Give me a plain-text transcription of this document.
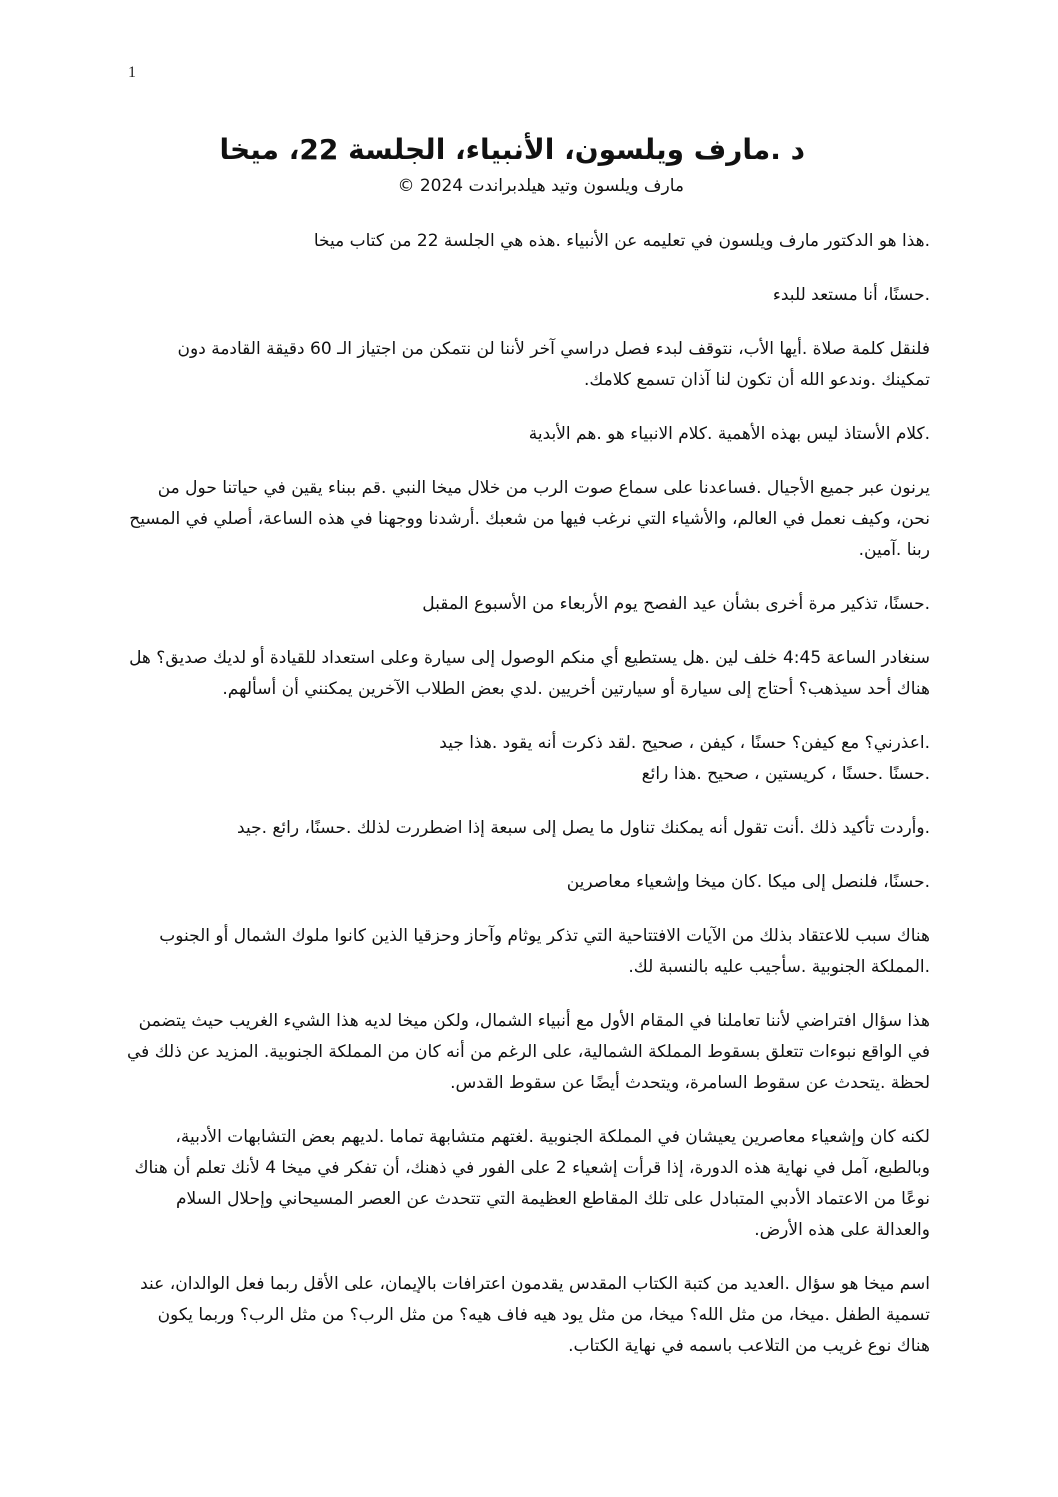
1
د .مارف ويلسون، الأنبياء، الجلسة 22، ميخا
مارف ويلسون وتيد هيلدبراندت 2024 ©

.هذا هو الدكتور مارف ويلسون في تعليمه عن الأنبياء .هذه هي الجلسة 22 من كتاب ميخا

.حسنًا، أنا مستعد للبدء

فلنقل كلمة صلاة .أيها الأب، نتوقف لبدء فصل دراسي آخر لأننا لن نتمكن من اجتياز الـ 60 دقيقة القادمة دون تمكينك .وندعو الله أن تكون لنا آذان تسمع كلامك.

.كلام الأستاذ ليس بهذه الأهمية .كلام الانبياء هو .هم الأبدية

يرنون عبر جميع الأجيال .فساعدنا على سماع صوت الرب من خلال ميخا النبي .قم ببناء يقين في حياتنا حول من نحن، وكيف نعمل في العالم، والأشياء التي نرغب فيها من شعبك .أرشدنا ووجهنا في هذه الساعة، أصلي في المسيح ربنا .آمين.

.حسنًا، تذكير مرة أخرى بشأن عيد الفصح يوم الأربعاء من الأسبوع المقبل

سنغادر الساعة 4:45 خلف لين .هل يستطيع أي منكم الوصول إلى سيارة وعلى استعداد للقيادة أو لديك صديق؟ هل هناك أحد سيذهب؟ أحتاج إلى سيارة أو سيارتين أخريين .لدي بعض الطلاب الآخرين يمكنني أن أسألهم.

.اعذرني؟ مع كيفن؟ حسنًا ، كيفن ، صحيح .لقد ذكرت أنه يقود .هذا جيد

.حسنًا .حسنًا ، كريستين ، صحيح .هذا رائع

.وأردت تأكيد ذلك .أنت تقول أنه يمكنك تناول ما يصل إلى سبعة إذا اضطررت لذلك .حسنًا، رائع .جيد

.حسنًا، فلنصل إلى ميكا .كان ميخا وإشعياء معاصرين

هناك سبب للاعتقاد بذلك من الآيات الافتتاحية التي تذكر يوثام وآحاز وحزقيا الذين كانوا ملوك الشمال أو الجنوب .المملكة الجنوبية .سأجيب عليه بالنسبة لك.

هذا سؤال افتراضي لأننا تعاملنا في المقام الأول مع أنبياء الشمال، ولكن ميخا لديه هذا الشيء الغريب حيث يتضمن في الواقع نبوءات تتعلق بسقوط المملكة الشمالية، على الرغم من أنه كان من المملكة الجنوبية. المزيد عن ذلك في لحظة .يتحدث عن سقوط السامرة، ويتحدث أيضًا عن سقوط القدس.

لكنه كان وإشعياء معاصرين يعيشان في المملكة الجنوبية .لغتهم متشابهة تماما .لديهم بعض التشابهات الأدبية، وبالطبع، آمل في نهاية هذه الدورة، إذا قرأت إشعياء 2 على الفور في ذهنك، أن تفكر في ميخا 4 لأنك تعلم أن هناك نوعًا من الاعتماد الأدبي المتبادل على تلك المقاطع العظيمة التي تتحدث عن العصر المسيحاني وإحلال السلام والعدالة على هذه الأرض.

اسم ميخا هو سؤال .العديد من كتبة الكتاب المقدس يقدمون اعترافات بالإيمان، على الأقل ربما فعل الوالدان، عند تسمية الطفل .ميخا، من مثل الله؟ ميخا، من مثل يود هيه فاف هيه؟ من مثل الرب؟ من مثل الرب؟ وربما يكون هناك نوع غريب من التلاعب باسمه في نهاية الكتاب.
